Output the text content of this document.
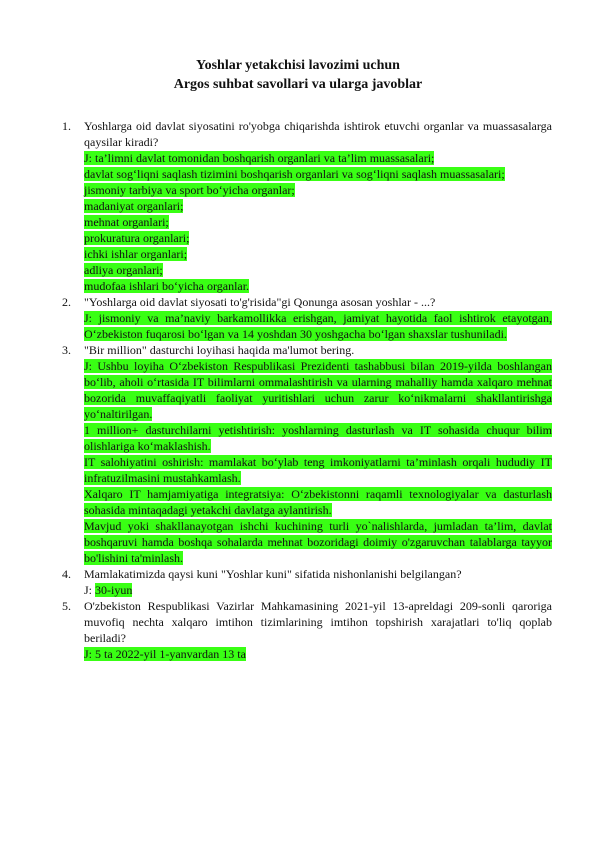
Yoshlar yetakchisi lavozimi uchun
Argos suhbat savollari va ularga javoblar
1.	Yoshlarga oid davlat siyosatini ro'yobga chiqarishda ishtirok etuvchi organlar va muassasalarga qaysilar kiradi?
J: ta’limni davlat tomonidan boshqarish organlari va ta’lim muassasalari;
davlat sog‘liqni saqlash tizimini boshqarish organlari va sog‘liqni saqlash muassasalari;
jismoniy tarbiya va sport bo‘yicha organlar;
madaniyat organlari;
mehnat organlari;
prokuratura organlari;
ichki ishlar organlari;
adliya organlari;
mudofaa ishlari bo‘yicha organlar.
2.	"Yoshlarga oid davlat siyosati to'g'risida"gi Qonunga asosan yoshlar - ...?
J: jismoniy va ma’naviy barkamollikka erishgan, jamiyat hayotida faol ishtirok etayotgan, O‘zbekiston fuqarosi bo‘lgan va 14 yoshdan 30 yoshgacha bo‘lgan shaxslar tushuniladi.
3.	"Bir million" dasturchi loyihasi haqida ma'lumot bering.
J: Ushbu loyiha O‘zbekiston Respublikasi Prezidenti tashabbusi bilan 2019-yilda boshlangan bo‘lib, aholi o‘rtasida IT bilimlarni ommalashtirish va ularning mahalliy hamda xalqaro mehnat bozorida muvaffaqiyatli faoliyat yuritishlari uchun zarur ko‘nikmalarni shakllantirishga yo‘naltirilgan.
1 million+ dasturchilarni yetishtirish: yoshlarning dasturlash va IT sohasida chuqur bilim olishlariga ko‘maklashish.
IT salohiyatini oshirish: mamlakat bo‘ylab teng imkoniyatlarni ta’minlash orqali hududiy IT infratuzilmasini mustahkamlash.
Xalqaro IT hamjamiyatiga integratsiya: O‘zbekistonni raqamli texnologiyalar va dasturlash sohasida mintaqadagi yetakchi davlatga aylantirish.
Mavjud yoki shakllanayotgan ishchi kuchining turli yo`nalishlarda, jumladan ta’lim, davlat boshqaruvi hamda boshqa sohalarda mehnat bozoridagi doimiy o'zgaruvchan talablarga tayyor bo'lishini ta'minlash.
4.	Mamlakatimizda qaysi kuni "Yoshlar kuni" sifatida nishonlanishi belgilangan?
J: 30-iyun
5.	O'zbekiston Respublikasi Vazirlar Mahkamasining 2021-yil 13-apreldagi 209-sonli qaroriga muvofiq nechta xalqaro imtihon tizimlarining imtihon topshirish xarajatlari to'liq qoplab beriladi?
J: 5 ta 2022-yil 1-yanvardan 13 ta
